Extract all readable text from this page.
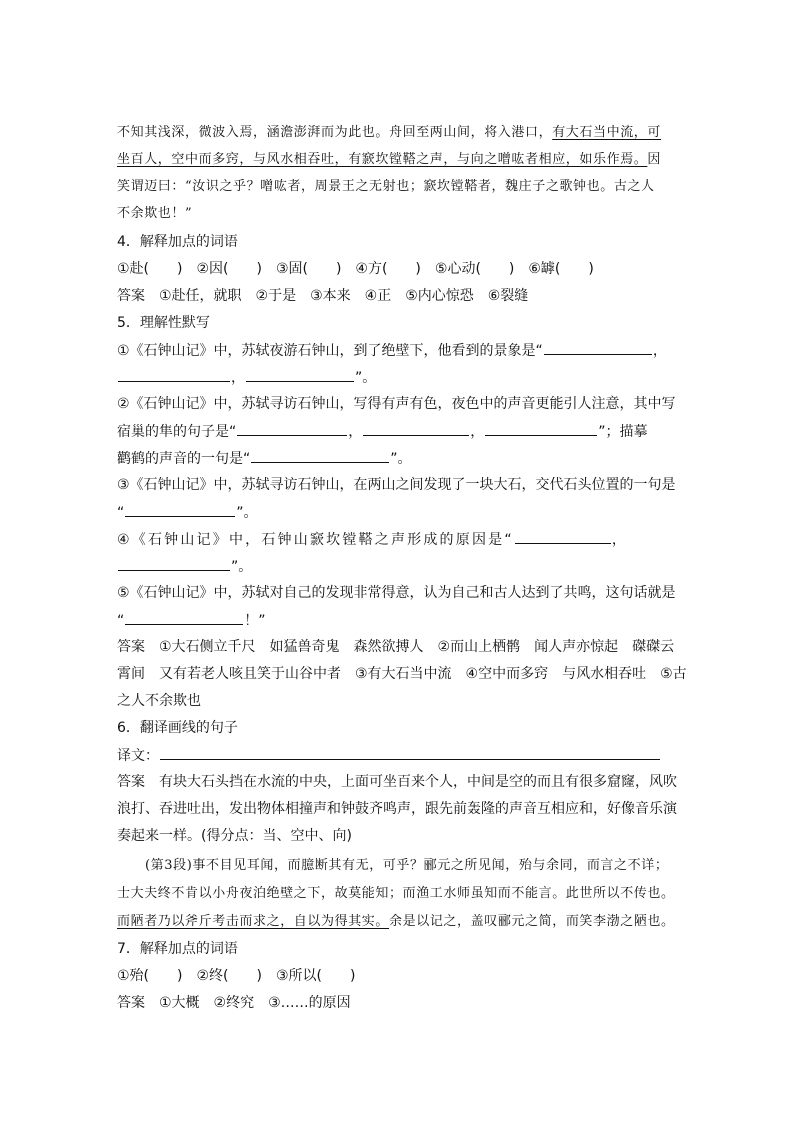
不知其浅深，微波入焉，涵澹澎湃而为此也。舟回至两山间，将入港口，有大石当中流，可
坐百人，空中而多窍，与风水相吞吐，有窾坎镗鞳之声，与向之噌吰者相应，如乐作焉。因
笑谓迈曰：“汝识之乎？噌吰者，周景王之无射也；窾坎镗鞳者，魏庄子之歌钟也。古之人
不余欺也！”
4．解释加点的词语
①赴(　　)　②因(　　)　③固(　　)　④方(　　)　⑤心动(　　)　⑥罅(　　)
答案　 ①赴任，就职　②于是　③本来　④正　⑤内心惊恐　⑥裂缝
5．理解性默写
①《石钟山记》中，苏轼夜游石钟山，到了绝壁下，他看到的景象是“	，
，	”。
②《石钟山记》中，苏轼寻访石钟山，写得有声有色，夜色中的声音更能引人注意，其中写
宿巢的隼的句子是“	，	，	”；描摹
鹳鹤的声音的一句是“	”。
③《石钟山记》中，苏轼寻访石钟山，在两山之间发现了一块大石，交代石头位置的一句是
“	”。
④《石钟山记》中，石钟山窾坎镗鞳之声形成的原因是“	，
”。
⑤《石钟山记》中，苏轼对自己的发现非常得意，认为自己和古人达到了共鸣，这句话就是
“	！”
答案　 ①大石侧立千尺　如猛兽奇鬼　森然欲搏人　②而山上栖鹘　闻人声亦惊起　磔磔云
霄间　又有若老人咳且笑于山谷中者　③有大石当中流　④空中而多窍　与风水相吞吐　⑤古
之人不余欺也
6．翻译画线的句子
译文：
答案　 有块大石头挡在水流的中央，上面可坐百来个人，中间是空的而且有很多窟窿，风吹
浪打、吞进吐出，发出物体相撞声和钟鼓齐鸣声，跟先前轰隆的声音互相应和，好像音乐演
奏起来一样。(得分点：当、空中、向)
(第3段)事不目见耳闻，而臆断其有无，可乎？郦元之所见闻，殆与余同，而言之不详；
士大夫终不肯以小舟夜泊绝壁之下，故莫能知；而渔工水师虽知而不能言。此世所以不传也。
而陋者乃以斧斤考击而求之，自以为得其实。余是以记之，盖叹郦元之简，而笑李渤之陋也。
7．解释加点的词语
①殆(　　)　②终(　　)　③所以(　　)
答案　 ①大概　②终究　③……的原因
